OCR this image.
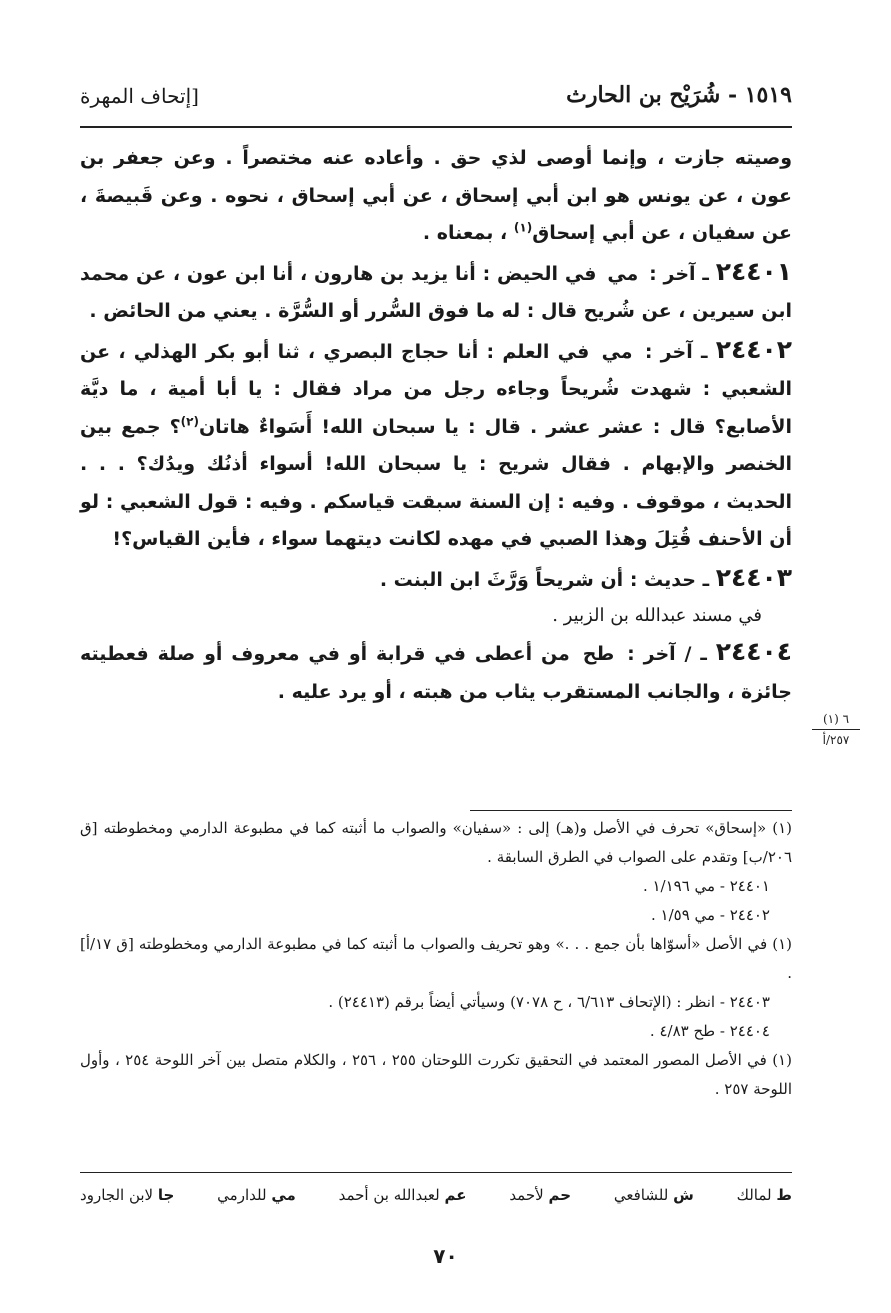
١٥١٩ - شُرَيْح بن الحارث
[إتحاف المهرة

وصيته جازت ، وإنما أوصى لذي حق . وأعاده عنه مختصراً . وعن جعفر بن عون ، عن يونس هو ابن أبي إسحاق ، عن أبي إسحاق ، نحوه . وعن قَبيصةَ ، عن سفيان ، عن أبي إسحاق$^{(١)}$ ، بمعناه .

٢٤٤٠١ ـ آخر : مي في الحيض : أنا يزيد بن هارون ، أنا ابن عون ، عن محمد ابن سيرين ، عن شُريح قال : له ما فوق السُّرر أو السُّرَّة . يعني من الحائض .

٢٤٤٠٢ ـ آخر : مي في العلم : أنا حجاج البصري ، ثنا أبو بكر الهذلي ، عن الشعبي : شهدت شُريحاً وجاءه رجل من مراد فقال : يا أبا أمية ، ما ديَّة الأصابع؟ قال : عشر عشر . قال : يا سبحان الله! أَسَواءٌ هاتان$^{(٢)}$؟ جمع بين الخنصر والإبهام . فقال شريح : يا سبحان الله! أسواء أذنُك ويدُك؟ . . . الحديث ، موقوف . وفيه : إن السنة سبقت قياسكم . وفيه : قول الشعبي : لو أن الأحنف قُتِلَ وهذا الصبي في مهده لكانت ديتهما سواء ، فأين القياس؟!

٢٤٤٠٣ ـ حديث : أن شريحاً وَرَّثَ ابن البنت .

في مسند عبدالله بن الزبير .

٢٤٤٠٤ ـ / آخر : طح من أعطى في قرابة أو في معروف أو صلة فعطيته جائزة ، والجانب المستقرب يثاب من هبته ، أو يرد عليه .

٦ (١)
٢٥٧/أ

(١) «إسحاق» تحرف في الأصل و(هـ) إلى : «سفيان» والصواب ما أثبته كما في مطبوعة الدارمي ومخطوطته [ق ٢٠٦/ب] وتقدم على الصواب في الطرق السابقة .

٢٤٤٠١ - مي ١/١٩٦ .

٢٤٤٠٢ - مي ١/٥٩ .

(١) في الأصل «أسوّاها بأن جمع . . .» وهو تحريف والصواب ما أثبته كما في مطبوعة الدارمي ومخطوطته [ق ١٧/أ] .

٢٤٤٠٣ - انظر : (الإتحاف ٦/٦١٣ ، ح ٧٠٧٨) وسيأتي أيضاً برقم (٢٤٤١٣) .

٢٤٤٠٤ - طح ٤/٨٣ .

(١) في الأصل المصور المعتمد في التحقيق تكررت اللوحتان ٢٥٥ ، ٢٥٦ ، والكلام متصل بين آخر اللوحة ٢٥٤ ، وأول اللوحة ٢٥٧ .

ط لمالك
ش للشافعي
حم لأحمد
عم لعبدالله بن أحمد
مي للدارمي
جا لابن الجارود
٧٠
